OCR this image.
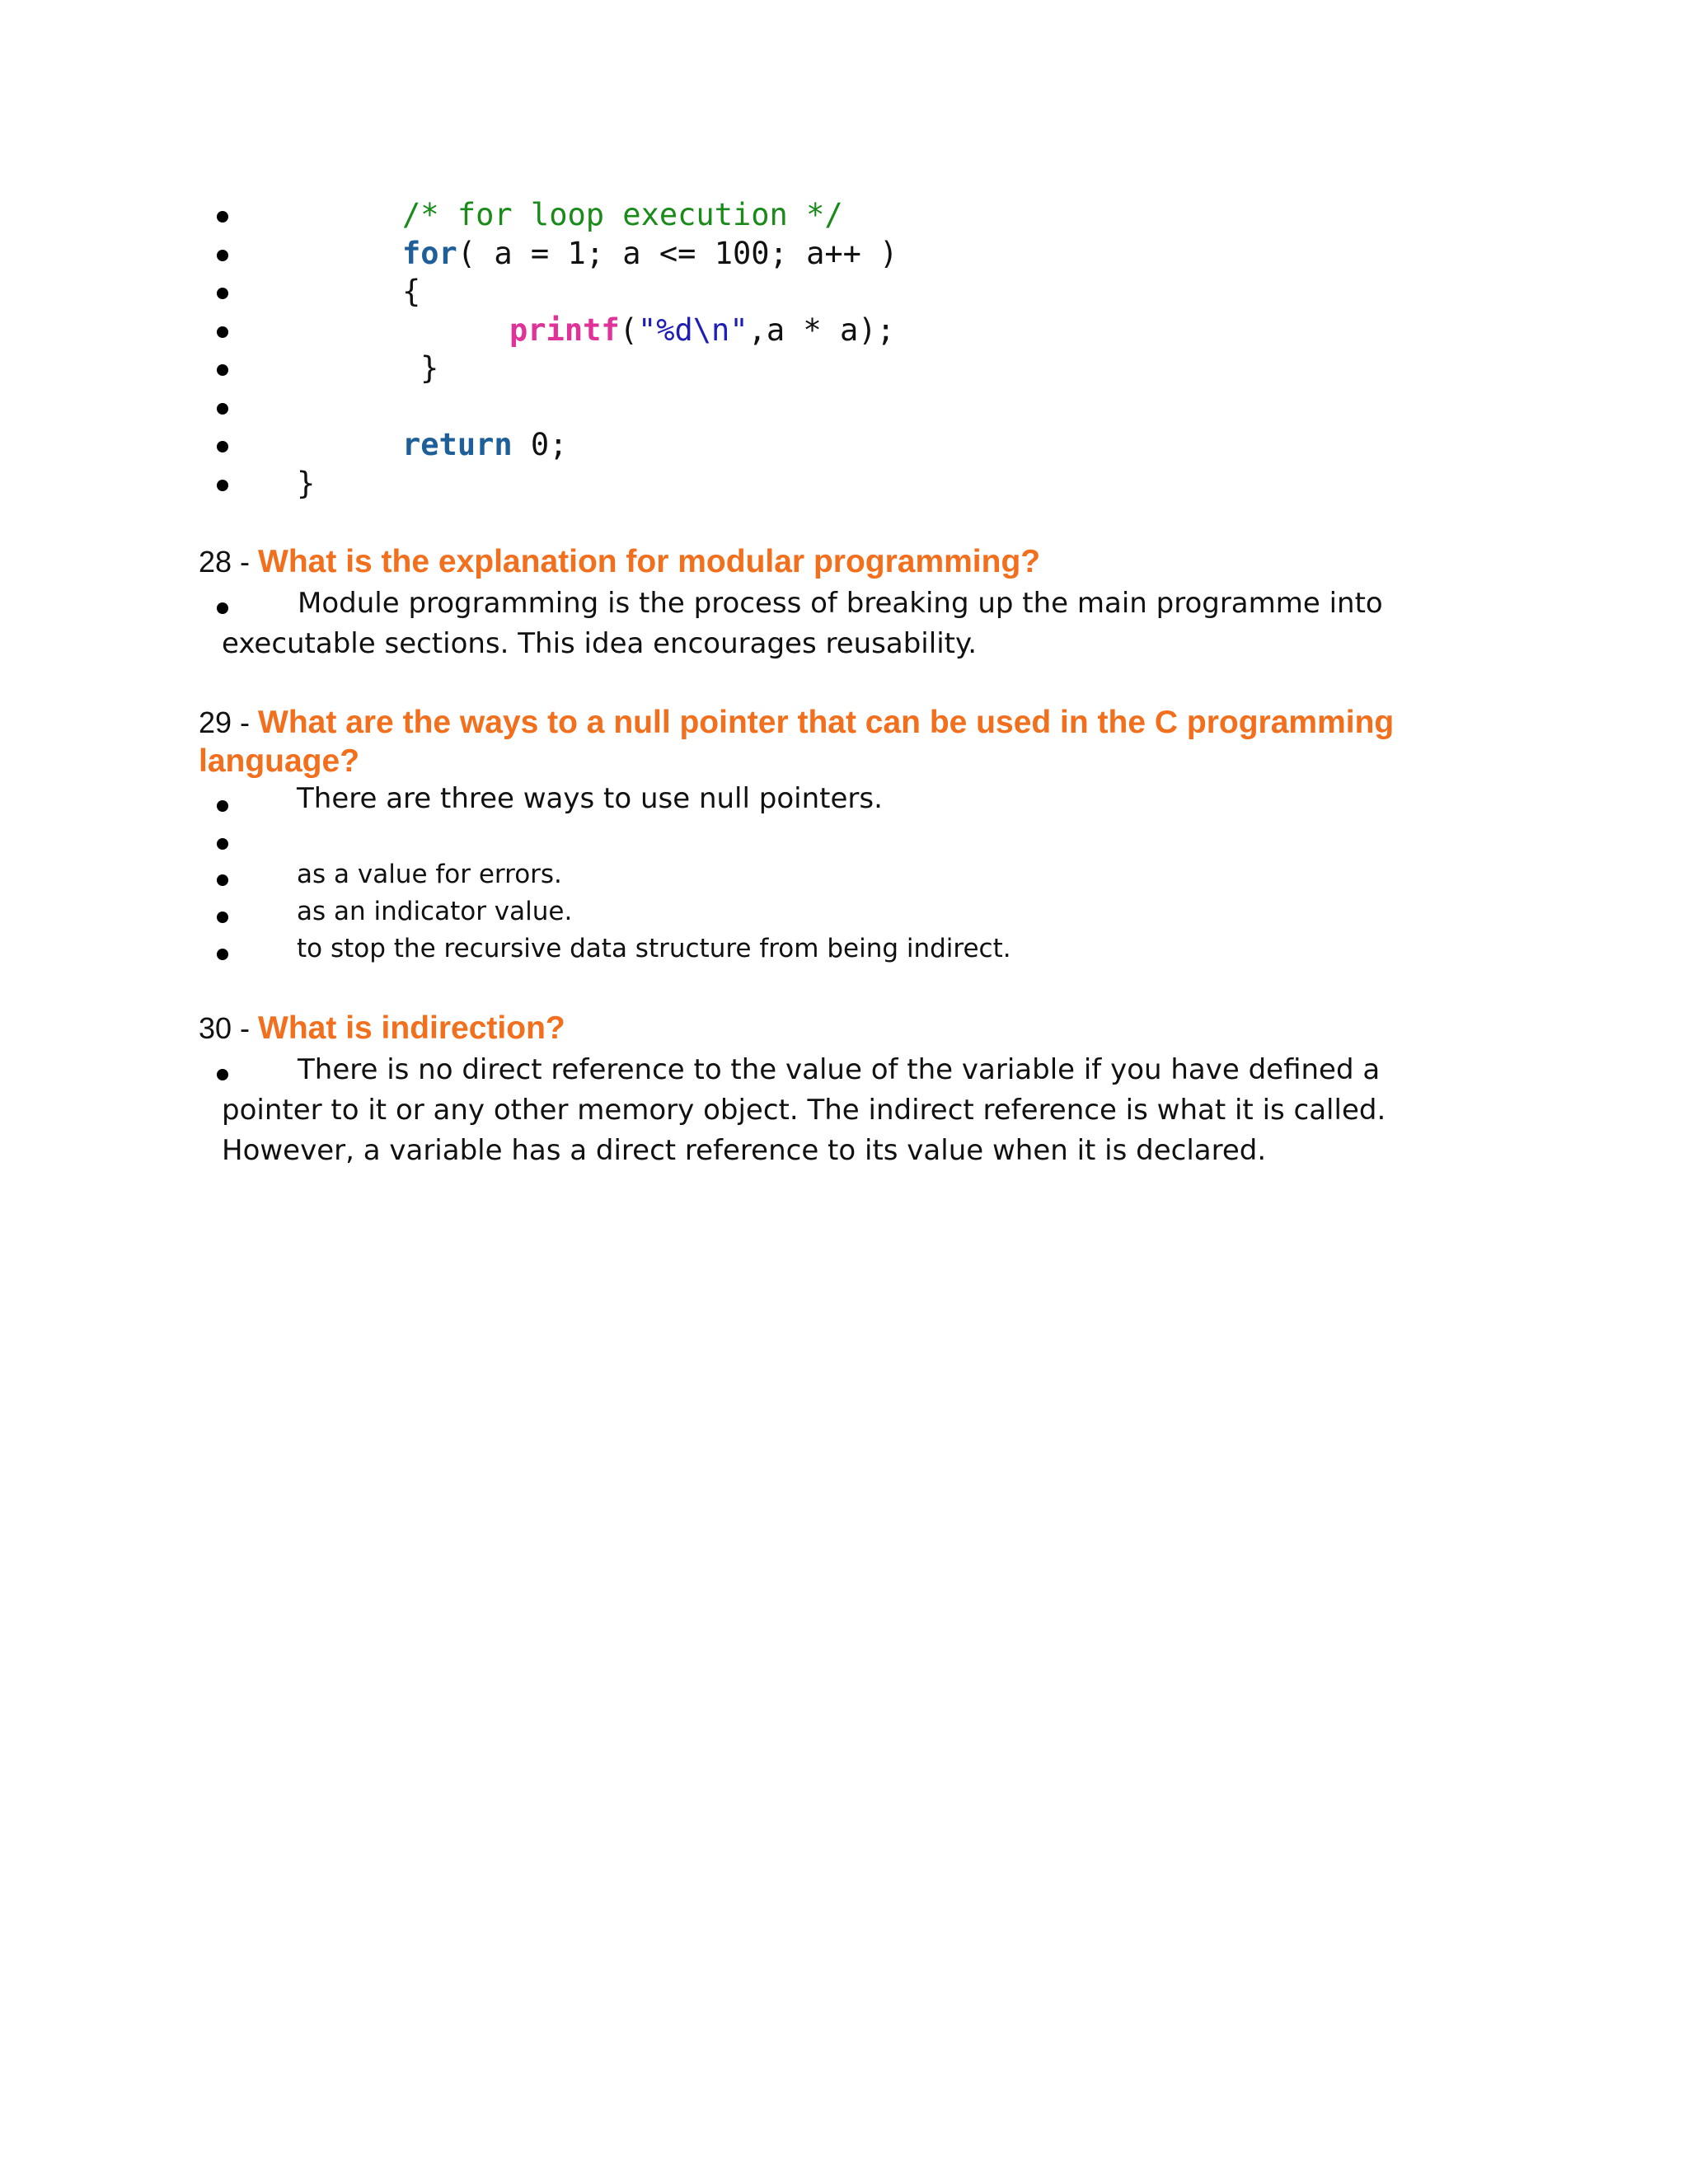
/* for loop execution */
for( a = 1; a <= 100; a++ )
{
printf("%d\n",a * a);
}
return 0;
}
28 - What is the explanation for modular programming?
Module programming is the process of breaking up the main programme into executable sections. This idea encourages reusability.
29 - What are the ways to a null pointer that can be used in the C programming
language?
There are three ways to use null pointers.
as a value for errors.
as an indicator value.
to stop the recursive data structure from being indirect.
30 - What is indirection?
There is no direct reference to the value of the variable if you have defined a pointer to it or any other memory object. The indirect reference is what it is called. However, a variable has a direct reference to its value when it is declared.
